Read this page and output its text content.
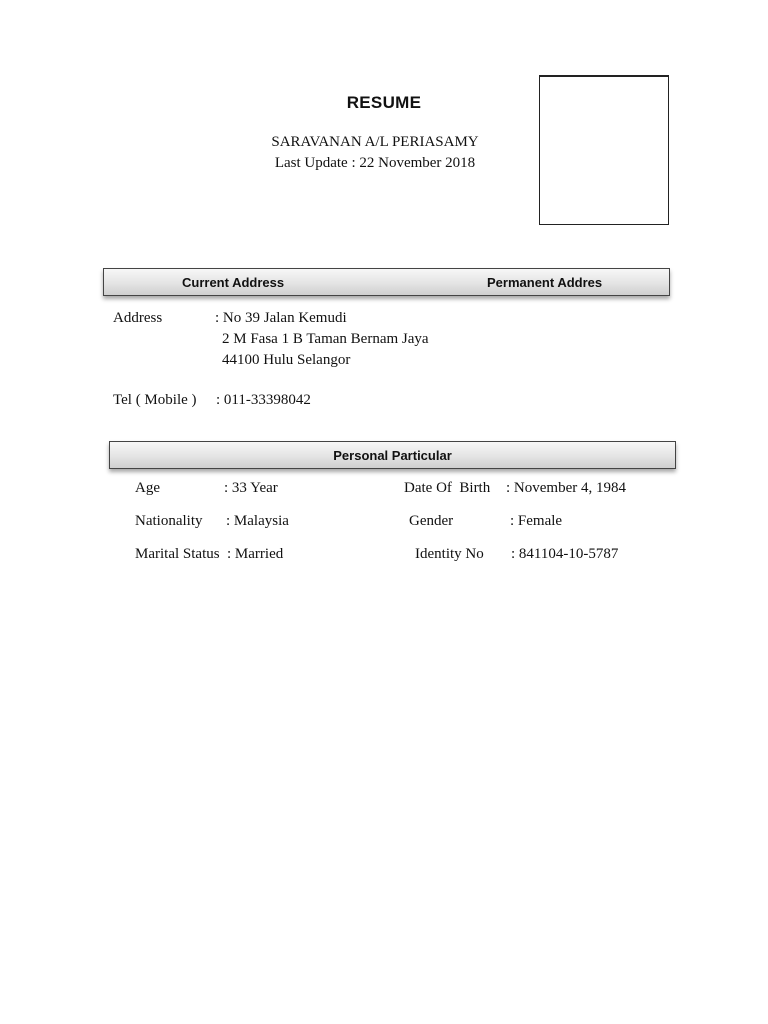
RESUME
SARAVANAN A/L PERIASAMY
Last Update : 22 November 2018
Current Address	Permanent Addres
Address	: No 39 Jalan Kemudi
2 M Fasa 1 B Taman Bernam Jaya
44100 Hulu Selangor
Tel ( Mobile ) : 011-33398042
Personal Particular
Age	: 33 Year	Date Of  Birth : November 4, 1984
Nationality : Malaysia	Gender	: Female
Marital Status : Married	Identity No : 841104-10-5787
